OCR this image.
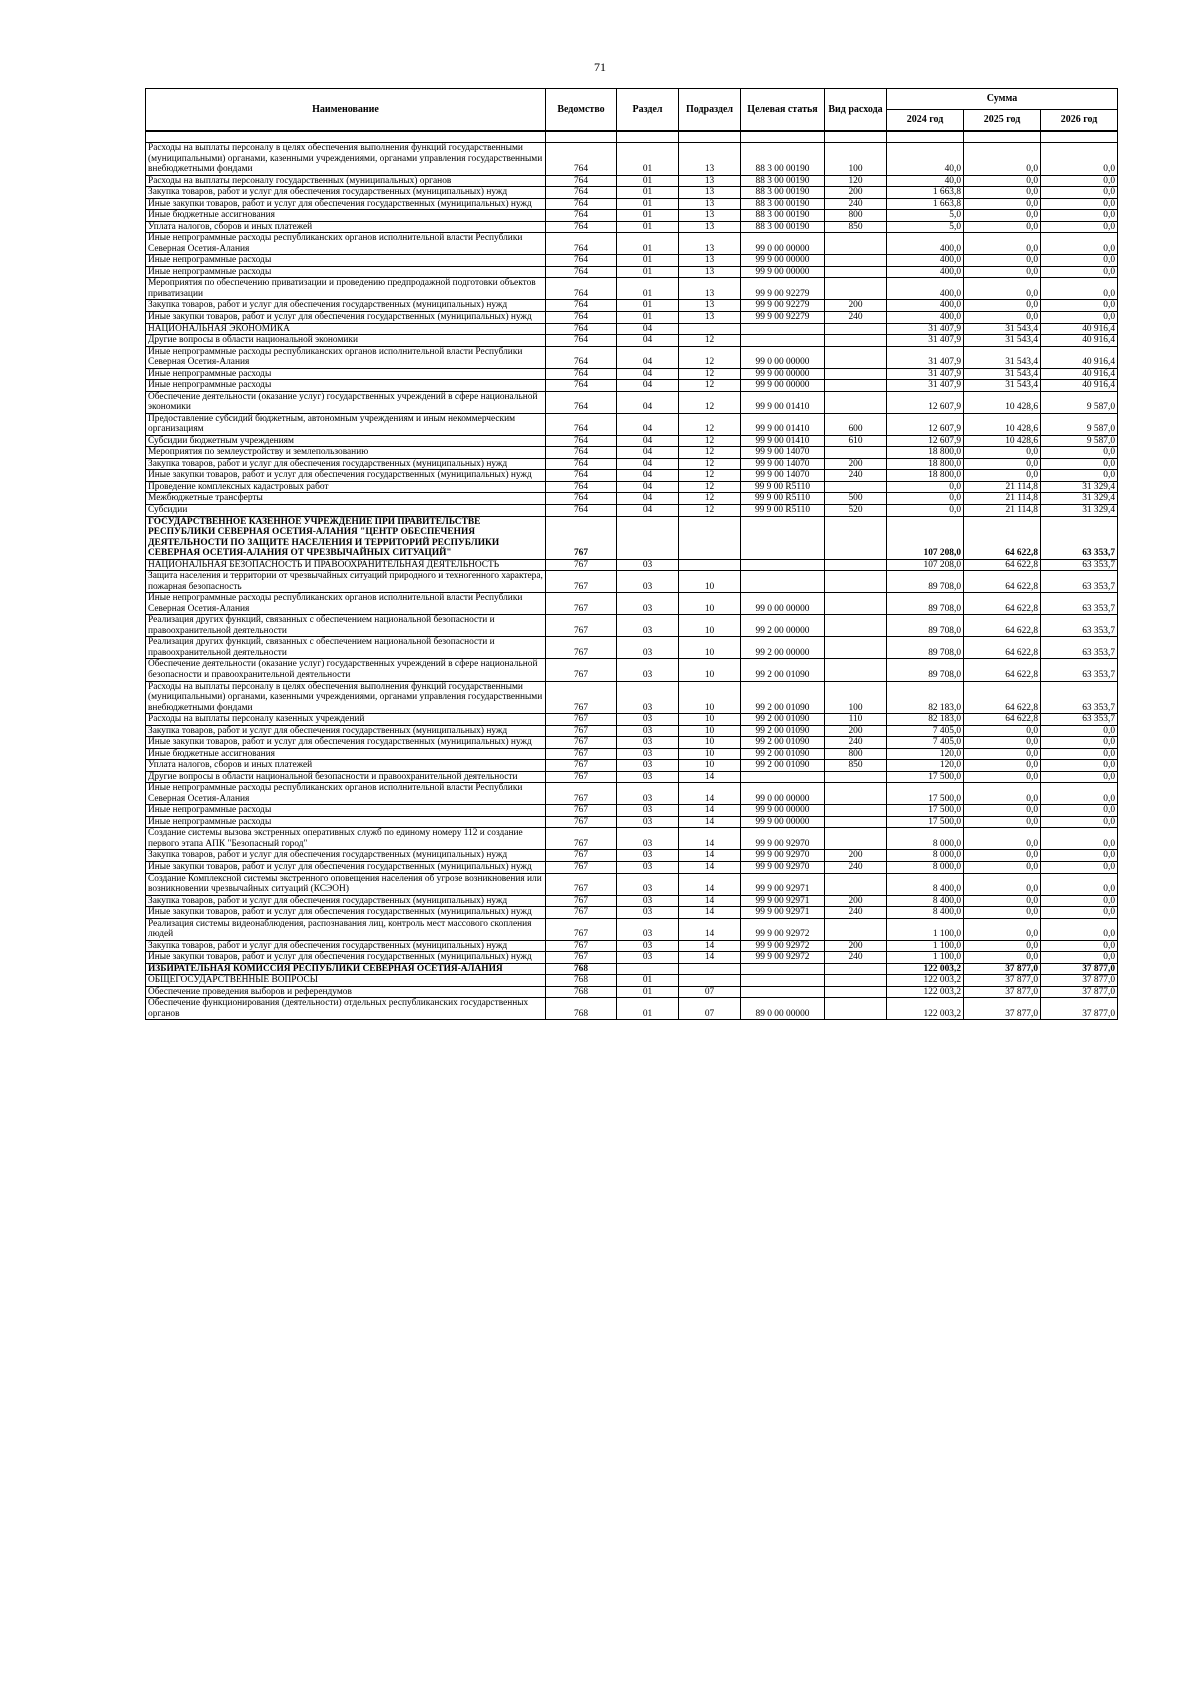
71
Наименование	Ведомство	Раздел	Подраздел	Целевая статья	Вид расхода	Сумма		
						2024 год	2025 год	2026 год

Расходы на выплаты персоналу в целях обеспечения выполнения функций государственными (муниципальными) органами, казенными учреждениями, органами управления государственными внебюджетными фондами	764	01	13	88 3 00 00190	100	40,0	0,0	0,0
Расходы на выплаты персоналу государственных (муниципальных) органов	764	01	13	88 3 00 00190	120	40,0	0,0	0,0
Закупка товаров, работ и услуг для обеспечения государственных (муниципальных) нужд	764	01	13	88 3 00 00190	200	1 663,8	0,0	0,0
Иные закупки товаров, работ и услуг для обеспечения государственных (муниципальных) нужд	764	01	13	88 3 00 00190	240	1 663,8	0,0	0,0
Иные бюджетные ассигнования	764	01	13	88 3 00 00190	800	5,0	0,0	0,0
Уплата налогов, сборов и иных платежей	764	01	13	88 3 00 00190	850	5,0	0,0	0,0
Иные непрограммные расходы республиканских органов исполнительной власти Республики Северная Осетия-Алания	764	01	13	99 0 00 00000		400,0	0,0	0,0
Иные непрограммные расходы	764	01	13	99 9 00 00000		400,0	0,0	0,0
Иные непрограммные расходы	764	01	13	99 9 00 00000		400,0	0,0	0,0
Мероприятия по обеспечению приватизации и проведению предпродажной подготовки объектов приватизации	764	01	13	99 9 00 92279		400,0	0,0	0,0
Закупка товаров, работ и услуг для обеспечения государственных (муниципальных) нужд	764	01	13	99 9 00 92279	200	400,0	0,0	0,0
Иные закупки товаров, работ и услуг для обеспечения государственных (муниципальных) нужд	764	01	13	99 9 00 92279	240	400,0	0,0	0,0
НАЦИОНАЛЬНАЯ ЭКОНОМИКА	764	04				31 407,9	31 543,4	40 916,4
Другие вопросы в области национальной экономики	764	04	12			31 407,9	31 543,4	40 916,4
Иные непрограммные расходы республиканских органов исполнительной власти Республики Северная Осетия-Алания	764	04	12	99 0 00 00000		31 407,9	31 543,4	40 916,4
Иные непрограммные расходы	764	04	12	99 9 00 00000		31 407,9	31 543,4	40 916,4
Иные непрограммные расходы	764	04	12	99 9 00 00000		31 407,9	31 543,4	40 916,4
Обеспечение деятельности (оказание услуг) государственных учреждений в сфере национальной экономики	764	04	12	99 9 00 01410		12 607,9	10 428,6	9 587,0
Предоставление субсидий бюджетным, автономным учреждениям и иным некоммерческим организациям	764	04	12	99 9 00 01410	600	12 607,9	10 428,6	9 587,0
Субсидии бюджетным учреждениям	764	04	12	99 9 00 01410	610	12 607,9	10 428,6	9 587,0
Мероприятия по землеустройству и землепользованию	764	04	12	99 9 00 14070		18 800,0	0,0	0,0
Закупка товаров, работ и услуг для обеспечения государственных (муниципальных) нужд	764	04	12	99 9 00 14070	200	18 800,0	0,0	0,0
Иные закупки товаров, работ и услуг для обеспечения государственных (муниципальных) нужд	764	04	12	99 9 00 14070	240	18 800,0	0,0	0,0
Проведение комплексных кадастровых работ	764	04	12	99 9 00 R5110		0,0	21 114,8	31 329,4
Межбюджетные трансферты	764	04	12	99 9 00 R5110	500	0,0	21 114,8	31 329,4
Субсидии	764	04	12	99 9 00 R5110	520	0,0	21 114,8	31 329,4
ГОСУДАРСТВЕННОЕ КАЗЕННОЕ УЧРЕЖДЕНИЕ ПРИ ПРАВИТЕЛЬСТВЕ РЕСПУБЛИКИ СЕВЕРНАЯ ОСЕТИЯ-АЛАНИЯ "ЦЕНТР ОБЕСПЕЧЕНИЯ ДЕЯТЕЛЬНОСТИ ПО ЗАЩИТЕ НАСЕЛЕНИЯ И ТЕРРИТОРИЙ РЕСПУБЛИКИ СЕВЕРНАЯ ОСЕТИЯ-АЛАНИЯ ОТ ЧРЕЗВЫЧАЙНЫХ СИТУАЦИЙ"	767					107 208,0	64 622,8	63 353,7
НАЦИОНАЛЬНАЯ БЕЗОПАСНОСТЬ И ПРАВООХРАНИТЕЛЬНАЯ ДЕЯТЕЛЬНОСТЬ	767	03				107 208,0	64 622,8	63 353,7
Защита населения и территории от чрезвычайных ситуаций природного и техногенного характера, пожарная безопасность	767	03	10			89 708,0	64 622,8	63 353,7
Иные непрограммные расходы республиканских органов исполнительной власти Республики Северная Осетия-Алания	767	03	10	99 0 00 00000		89 708,0	64 622,8	63 353,7
Реализация других функций, связанных с обеспечением национальной безопасности и правоохранительной деятельности	767	03	10	99 2 00 00000		89 708,0	64 622,8	63 353,7
Реализация других функций, связанных с обеспечением национальной безопасности и правоохранительной деятельности	767	03	10	99 2 00 00000		89 708,0	64 622,8	63 353,7
Обеспечение деятельности (оказание услуг) государственных учреждений в сфере национальной безопасности и правоохранительной деятельности	767	03	10	99 2 00 01090		89 708,0	64 622,8	63 353,7
Расходы на выплаты персоналу в целях обеспечения выполнения функций государственными (муниципальными) органами, казенными учреждениями, органами управления государственными внебюджетными фондами	767	03	10	99 2 00 01090	100	82 183,0	64 622,8	63 353,7
Расходы на выплаты персоналу казенных учреждений	767	03	10	99 2 00 01090	110	82 183,0	64 622,8	63 353,7
Закупка товаров, работ и услуг для обеспечения государственных (муниципальных) нужд	767	03	10	99 2 00 01090	200	7 405,0	0,0	0,0
Иные закупки товаров, работ и услуг для обеспечения государственных (муниципальных) нужд	767	03	10	99 2 00 01090	240	7 405,0	0,0	0,0
Иные бюджетные ассигнования	767	03	10	99 2 00 01090	800	120,0	0,0	0,0
Уплата налогов, сборов и иных платежей	767	03	10	99 2 00 01090	850	120,0	0,0	0,0
Другие вопросы в области национальной безопасности и правоохранительной деятельности	767	03	14			17 500,0	0,0	0,0
Иные непрограммные расходы республиканских органов исполнительной власти Республики Северная Осетия-Алания	767	03	14	99 0 00 00000		17 500,0	0,0	0,0
Иные непрограммные расходы	767	03	14	99 9 00 00000		17 500,0	0,0	0,0
Иные непрограммные расходы	767	03	14	99 9 00 00000		17 500,0	0,0	0,0
Создание системы вызова экстренных оперативных служб по единому номеру 112 и создание первого этапа АПК "Безопасный город"	767	03	14	99 9 00 92970		8 000,0	0,0	0,0
Закупка товаров, работ и услуг для обеспечения государственных (муниципальных) нужд	767	03	14	99 9 00 92970	200	8 000,0	0,0	0,0
Иные закупки товаров, работ и услуг для обеспечения государственных (муниципальных) нужд	767	03	14	99 9 00 92970	240	8 000,0	0,0	0,0
Создание Комплексной системы экстренного оповещения населения об угрозе возникновения или возникновении чрезвычайных ситуаций (КСЭОН)	767	03	14	99 9 00 92971		8 400,0	0,0	0,0
Закупка товаров, работ и услуг для обеспечения государственных (муниципальных) нужд	767	03	14	99 9 00 92971	200	8 400,0	0,0	0,0
Иные закупки товаров, работ и услуг для обеспечения государственных (муниципальных) нужд	767	03	14	99 9 00 92971	240	8 400,0	0,0	0,0
Реализация системы видеонаблюдения, распознавания лиц, контроль мест массового скопления людей	767	03	14	99 9 00 92972		1 100,0	0,0	0,0
Закупка товаров, работ и услуг для обеспечения государственных (муниципальных) нужд	767	03	14	99 9 00 92972	200	1 100,0	0,0	0,0
Иные закупки товаров, работ и услуг для обеспечения государственных (муниципальных) нужд	767	03	14	99 9 00 92972	240	1 100,0	0,0	0,0
ИЗБИРАТЕЛЬНАЯ КОМИССИЯ РЕСПУБЛИКИ СЕВЕРНАЯ ОСЕТИЯ-АЛАНИЯ	768					122 003,2	37 877,0	37 877,0
ОБЩЕГОСУДАРСТВЕННЫЕ ВОПРОСЫ	768	01				122 003,2	37 877,0	37 877,0
Обеспечение проведения выборов и референдумов	768	01	07			122 003,2	37 877,0	37 877,0
Обеспечение функционирования (деятельности) отдельных республиканских государственных органов	768	01	07	89 0 00 00000		122 003,2	37 877,0	37 877,0
